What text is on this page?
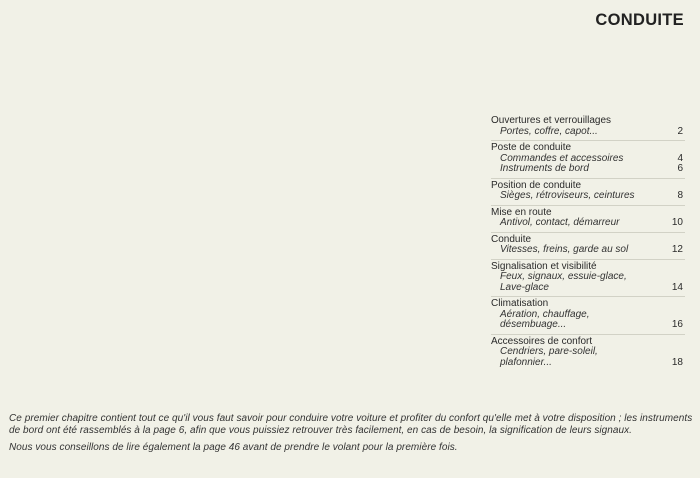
CONDUITE
Ouvertures et verrouillages
Portes, coffre, capot...	2
Poste de conduite
Commandes et accessoires	4
Instruments de bord	6
Position de conduite
Sièges, rétroviseurs, ceintures	8
Mise en route
Antivol, contact, démarreur	10
Conduite
Vitesses, freins, garde au sol	12
Signalisation et visibilité
Feux, signaux, essuie-glace,
Lave-glace	14
Climatisation
Aération, chauffage,
désembuage...	16
Accessoires de confort
Cendriers, pare-soleil,
plafonnier...	18

Ce premier chapitre contient tout ce qu'il vous faut savoir pour conduire votre voiture et profiter du confort qu'elle met à votre disposition ; les instruments de bord ont été rassemblés à la page 6, afin que vous puissiez retrouver très facilement, en cas de besoin, la signification de leurs signaux.

Nous vous conseillons de lire également la page 46 avant de prendre le volant pour la première fois.
